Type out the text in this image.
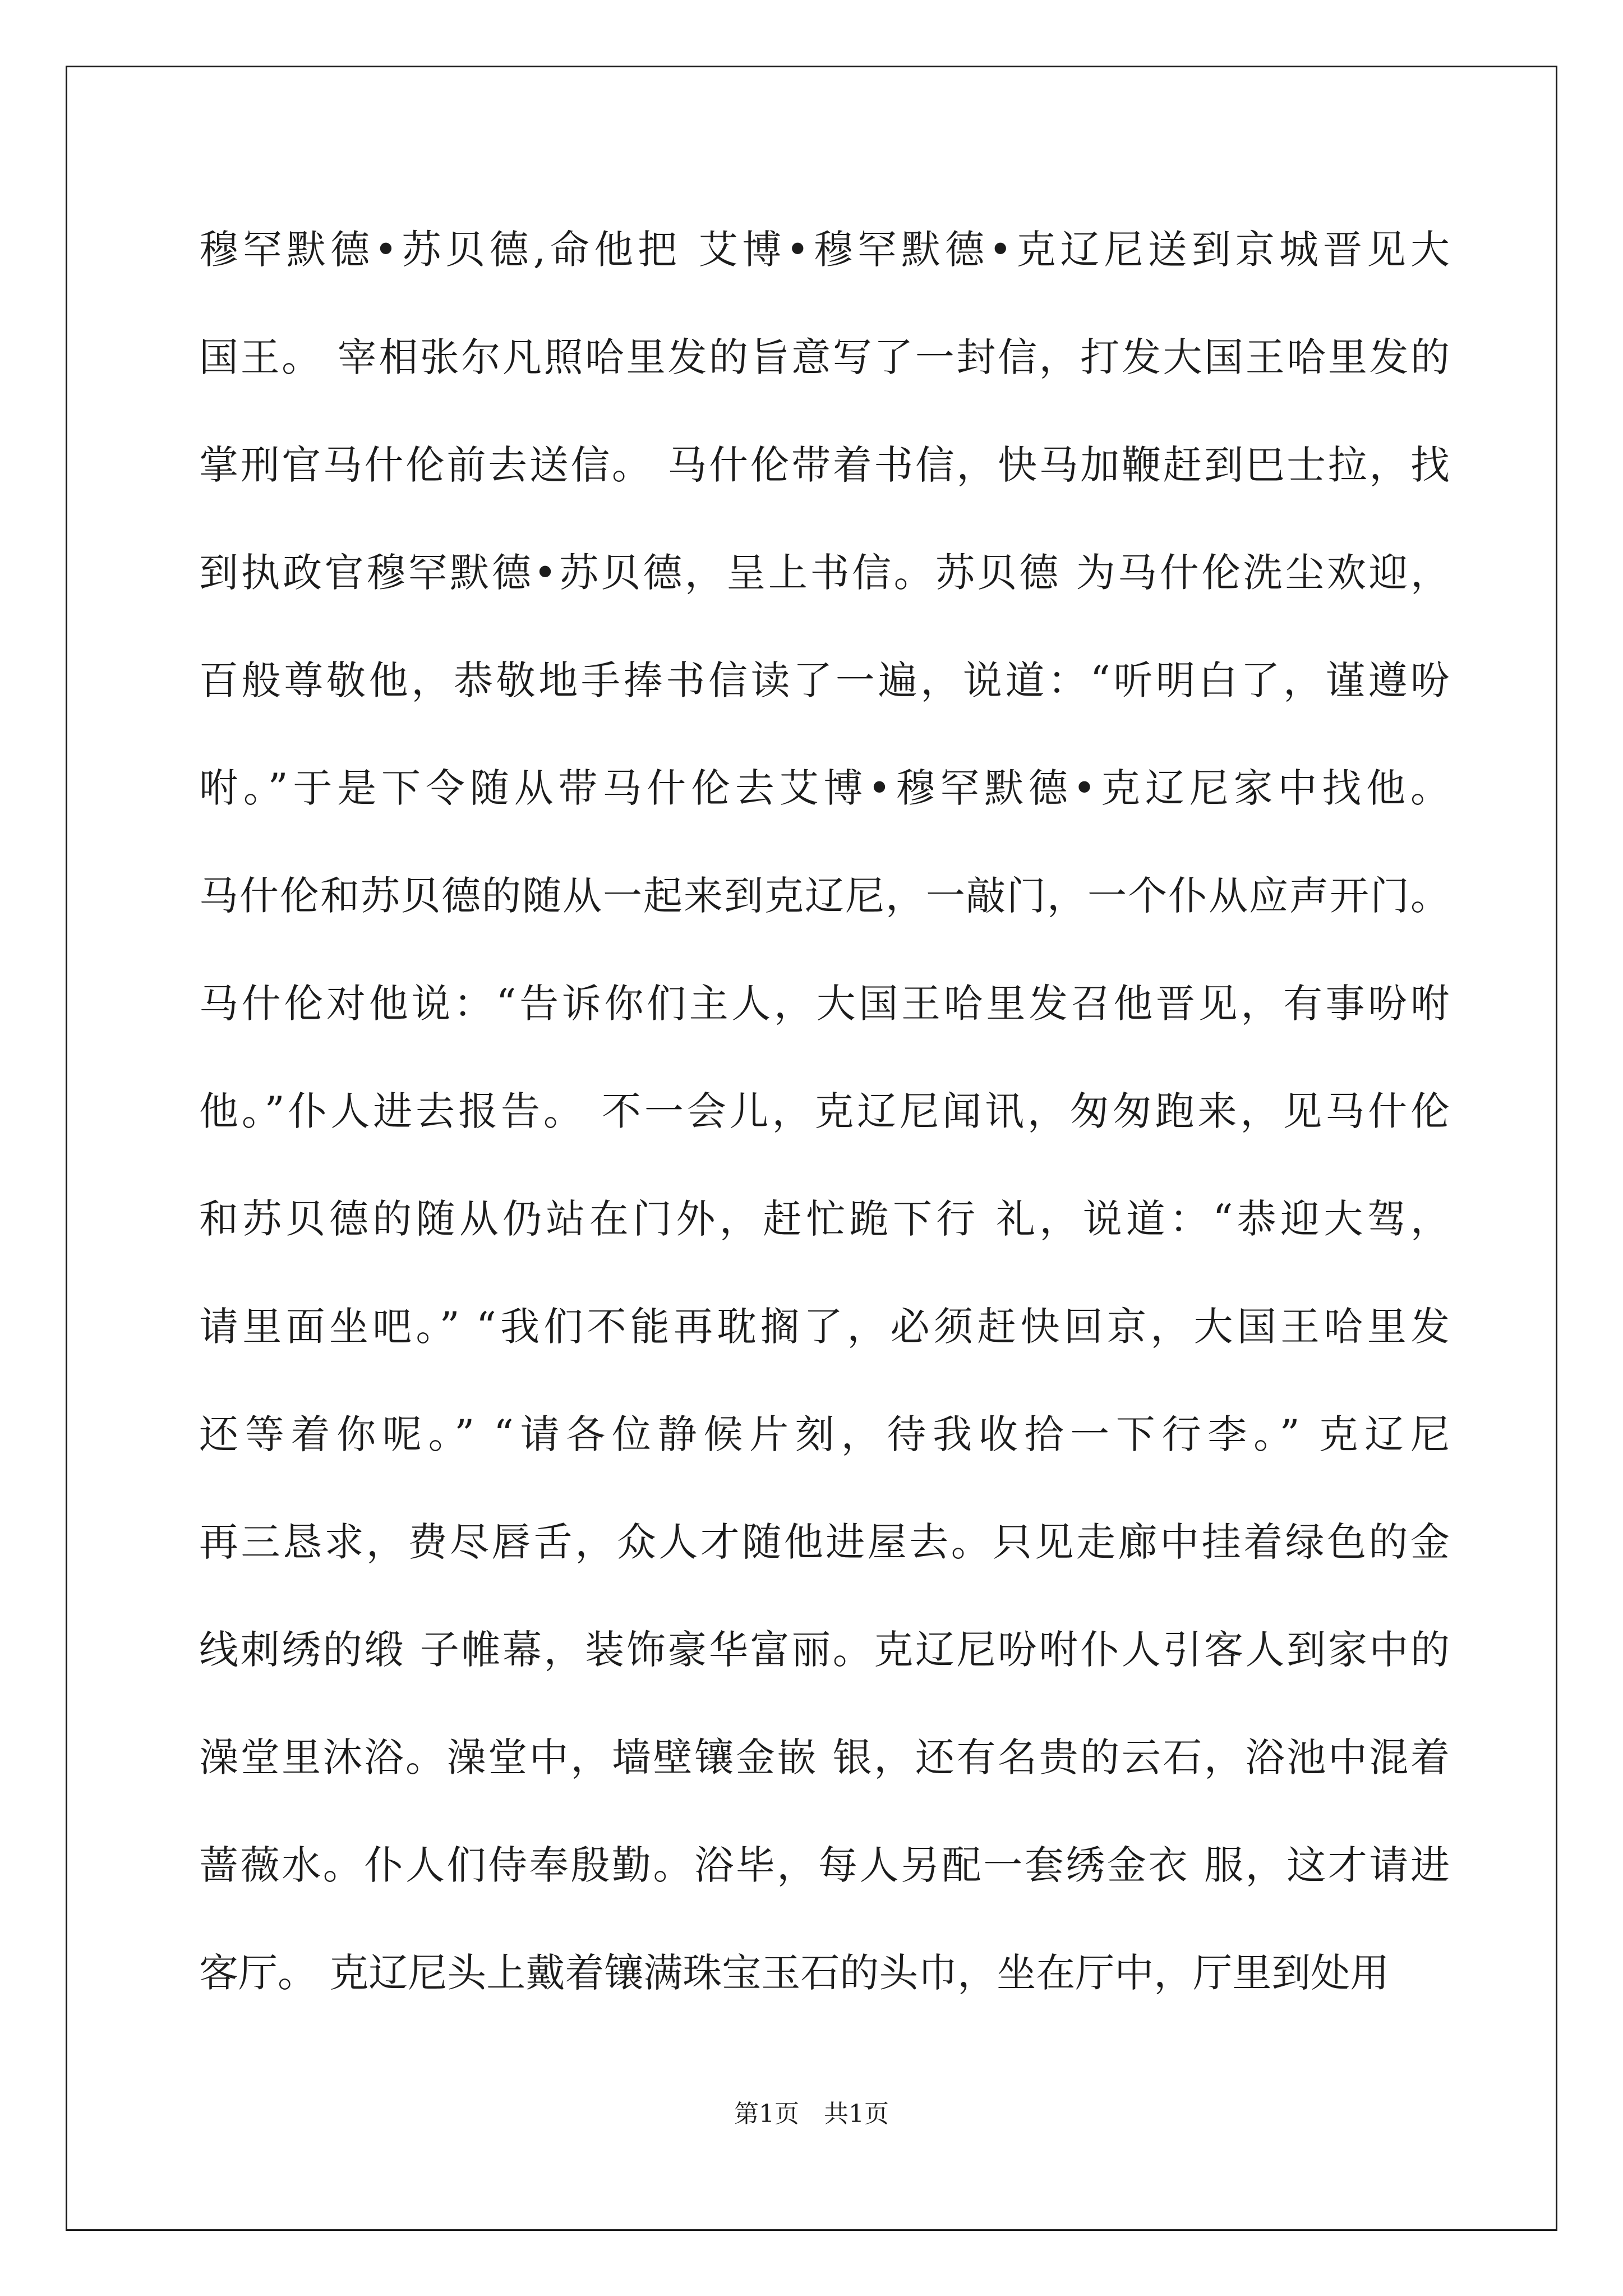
穆罕默德•苏贝德,命他把 艾博•穆罕默德•克辽尼送到京城晋见大
国王。 宰相张尔凡照哈里发的旨意写了一封信，打发大国王哈里发的
掌刑官马什伦前去送信。 马什伦带着书信，快马加鞭赶到巴士拉，找
到执政官穆罕默德•苏贝德，呈上书信。苏贝德 为马什伦洗尘欢迎，
百般尊敬他，恭敬地手捧书信读了一遍，说道：“听明白了，谨遵吩
咐。”于是下令随从带马什伦去艾博•穆罕默德•克辽尼家中找他。
马什伦和苏贝德的随从一起来到克辽尼，一敲门，一个仆从应声开门。
马什伦对他说：“告诉你们主人，大国王哈里发召他晋见，有事吩咐
他。”仆人进去报告。 不一会儿，克辽尼闻讯，匆匆跑来，见马什伦
和苏贝德的随从仍站在门外，赶忙跪下行 礼，说道：“恭迎大驾，
请里面坐吧。” “我们不能再耽搁了，必须赶快回京，大国王哈里发
还等着你呢。” “请各位静候片刻，待我收拾一下行李。” 克辽尼
再三恳求，费尽唇舌，众人才随他进屋去。只见走廊中挂着绿色的金
线刺绣的缎 子帷幕，装饰豪华富丽。克辽尼吩咐仆人引客人到家中的
澡堂里沐浴。澡堂中，墙壁镶金嵌 银，还有名贵的云石，浴池中混着
蔷薇水。仆人们侍奉殷勤。浴毕，每人另配一套绣金衣 服，这才请进
客厅。 克辽尼头上戴着镶满珠宝玉石的头巾，坐在厅中，厅里到处用
第1页　共1页
